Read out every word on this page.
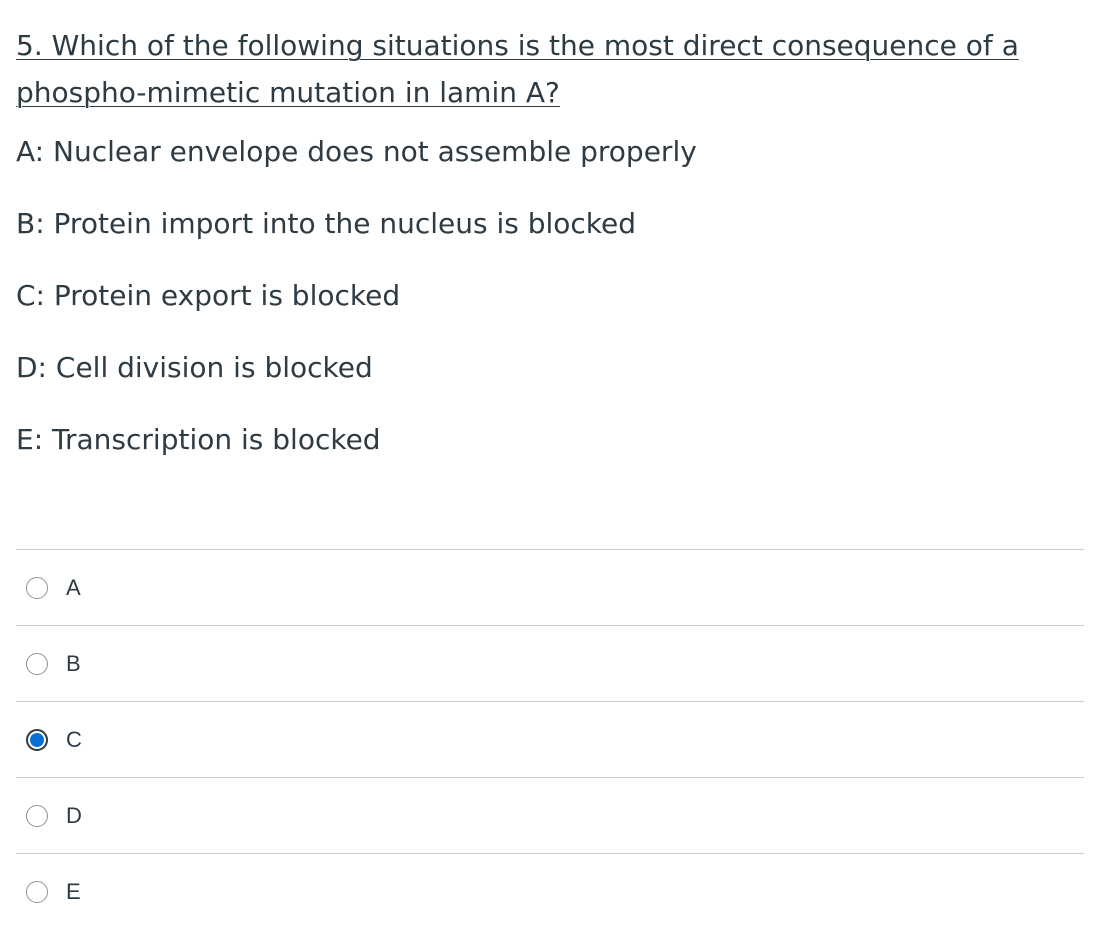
5. Which of the following situations is the most direct consequence of a phospho-mimetic mutation in lamin A?
A: Nuclear envelope does not assemble properly
B: Protein import into the nucleus is blocked
C: Protein export is blocked
D: Cell division is blocked
E: Transcription is blocked
A
B
C
D
E
